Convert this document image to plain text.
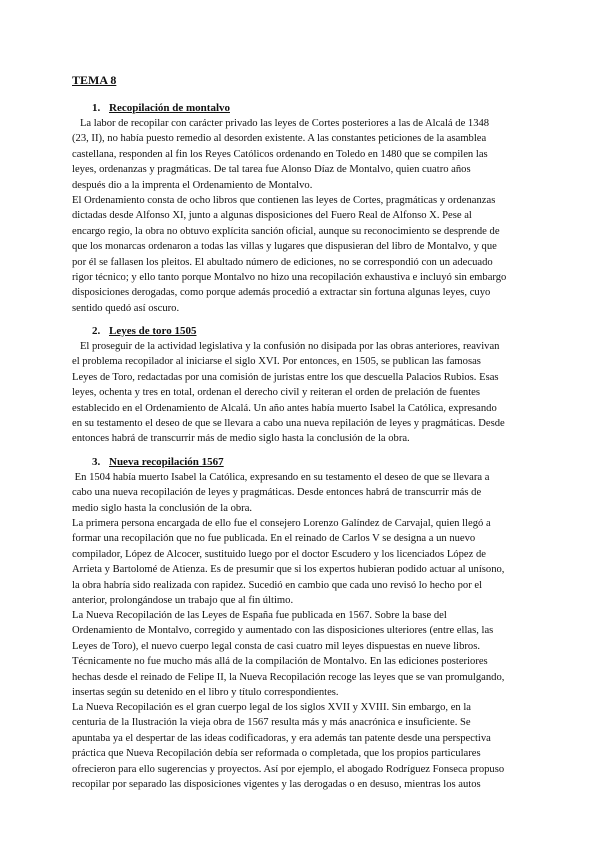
TEMA 8
1. Recopilación de montalvo

La labor de recopilar con carácter privado las leyes de Cortes posteriores a las de Alcalá de 1348
(23, II), no había puesto remedio al desorden existente. A las constantes peticiones de la asamblea
castellana, responden al fin los Reyes Católicos ordenando en Toledo en 1480 que se compilen las
leyes, ordenanzas y pragmáticas. De tal tarea fue Alonso Díaz de Montalvo, quien cuatro años
después dio a la imprenta el Ordenamiento de Montalvo.

El Ordenamiento consta de ocho libros que contienen las leyes de Cortes, pragmáticas y ordenanzas
dictadas desde Alfonso XI, junto a algunas disposiciones del Fuero Real de Alfonso X. Pese al
encargo regio, la obra no obtuvo explícita sanción oficial, aunque su reconocimiento se desprende de
que los monarcas ordenaron a todas las villas y lugares que dispusieran del libro de Montalvo, y que
por él se fallasen los pleitos. El abultado número de ediciones, no se correspondió con un adecuado
rigor técnico; y ello tanto porque Montalvo no hizo una recopilación exhaustiva e incluyó sin embargo
disposiciones derogadas, como porque además procedió a extractar sin fortuna algunas leyes, cuyo
sentido quedó así oscuro.

2. Leyes de toro 1505

El proseguir de la actividad legislativa y la confusión no disipada por las obras anteriores, reavivan
el problema recopilador al iniciarse el siglo XVI. Por entonces, en 1505, se publican las famosas
Leyes de Toro, redactadas por una comisión de juristas entre los que descuella Palacios Rubios. Esas
leyes, ochenta y tres en total, ordenan el derecho civil y reiteran el orden de prelación de fuentes
establecido en el Ordenamiento de Alcalá. Un año antes había muerto Isabel la Católica, expresando
en su testamento el deseo de que se llevara a cabo una nueva repilación de leyes y pragmáticas. Desde
entonces habrá de transcurrir más de medio siglo hasta la conclusión de la obra.

3. Nueva recopilación 1567

En 1504 había muerto Isabel la Católica, expresando en su testamento el deseo de que se llevara a
cabo una nueva recopilación de leyes y pragmáticas. Desde entonces habrá de transcurrir más de
medio siglo hasta la conclusión de la obra.

La primera persona encargada de ello fue el consejero Lorenzo Galíndez de Carvajal, quien llegó a
formar una recopilación que no fue publicada. En el reinado de Carlos V se designa a un nuevo
compilador, López de Alcocer, sustituido luego por el doctor Escudero y los licenciados López de
Arrieta y Bartolomé de Atienza. Es de presumir que si los expertos hubieran podido actuar al unísono,
la obra habría sido realizada con rapidez. Sucedió en cambio que cada uno revisó lo hecho por el
anterior, prolongándose un trabajo que al fin último.

La Nueva Recopilación de las Leyes de España fue publicada en 1567. Sobre la base del
Ordenamiento de Montalvo, corregido y aumentado con las disposiciones ulteriores (entre ellas, las
Leyes de Toro), el nuevo cuerpo legal consta de casi cuatro mil leyes dispuestas en nueve libros.
Técnicamente no fue mucho más allá de la compilación de Montalvo. En las ediciones posteriores
hechas desde el reinado de Felipe II, la Nueva Recopilación recoge las leyes que se van promulgando,
insertas según su detenido en el libro y título correspondientes.

La Nueva Recopilación es el gran cuerpo legal de los siglos XVII y XVIII. Sin embargo, en la
centuria de la Ilustración la vieja obra de 1567 resulta más y más anacrónica e insuficiente. Se
apuntaba ya el despertar de las ideas codificadoras, y era además tan patente desde una perspectiva
práctica que Nueva Recopilación debía ser reformada o completada, que los propios particulares
ofrecieron para ello sugerencias y proyectos. Así por ejemplo, el abogado Rodríguez Fonseca propuso
recopilar por separado las disposiciones vigentes y las derogadas o en desuso, mientras los autos
